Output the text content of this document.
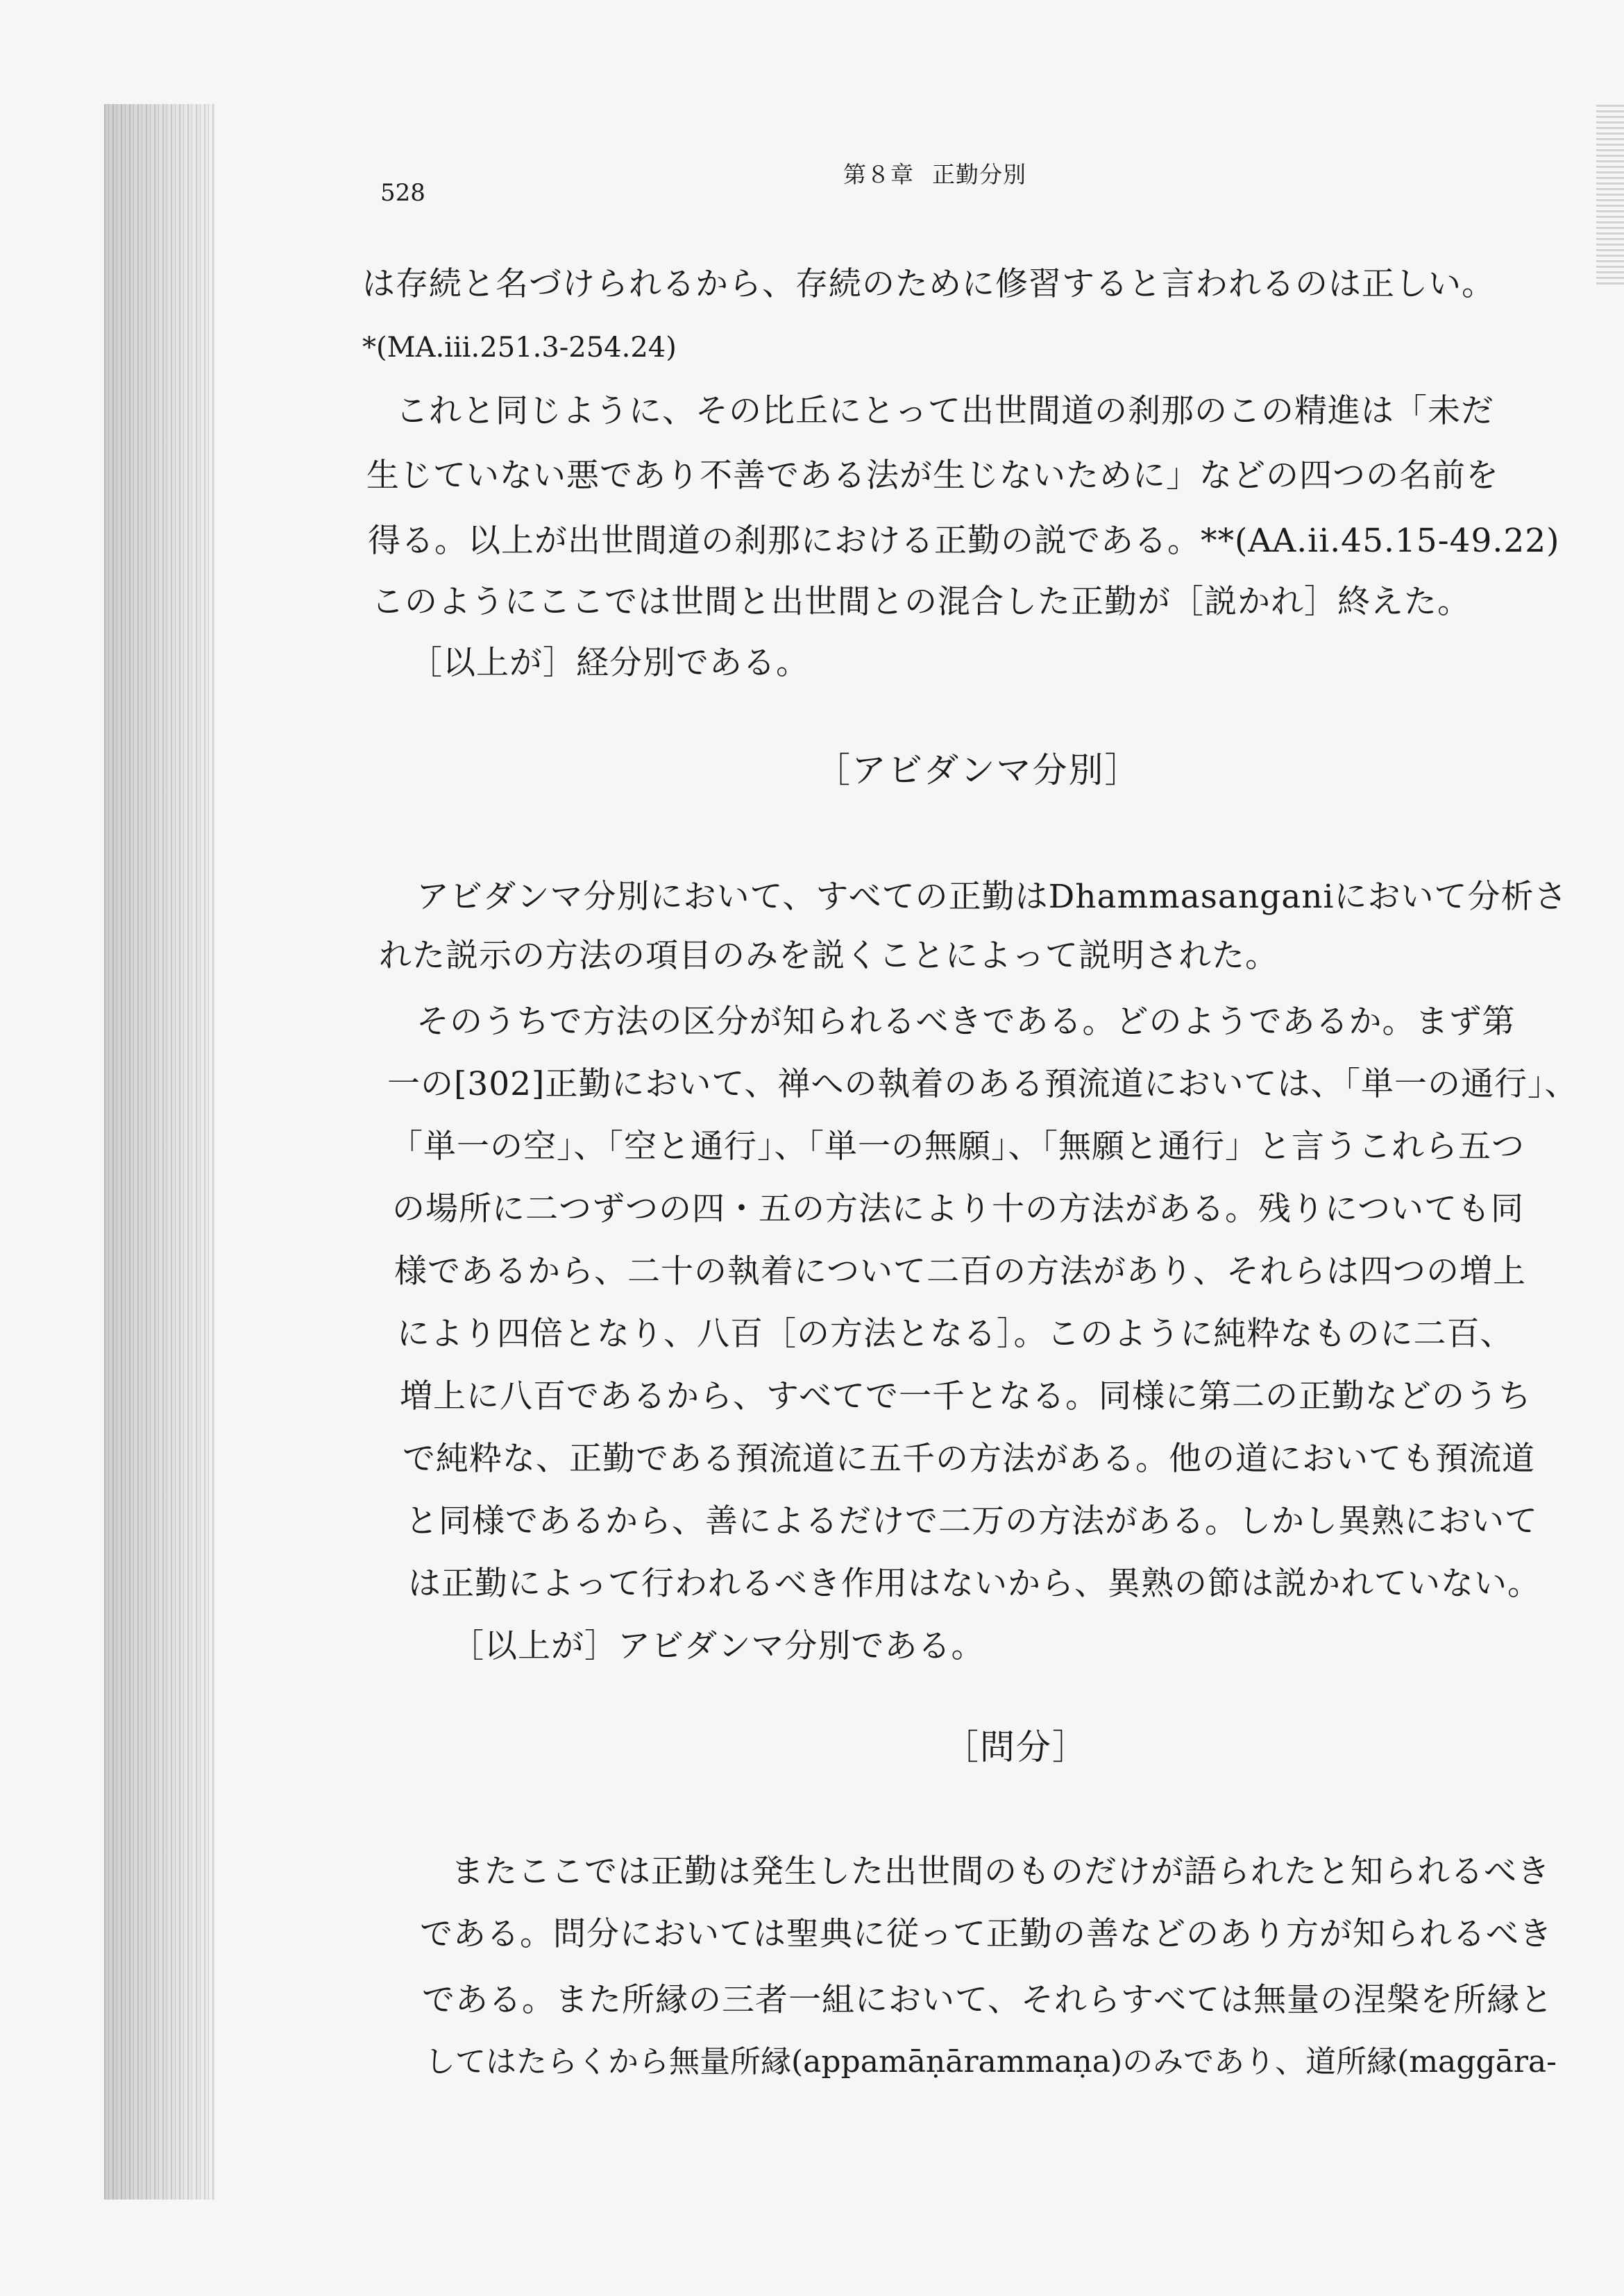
528
第８章 正勤分別
は存続と名づけられるから、存続のために修習すると言われるのは正しい。
*(MA.iii.251.3-254.24)
これと同じように、その比丘にとって出世間道の刹那のこの精進は「未だ
生じていない悪であり不善である法が生じないために」などの四つの名前を
得る。以上が出世間道の刹那における正勤の説である。**(AA.ii.45.15-49.22)
このようにここでは世間と出世間との混合した正勤が［説かれ］終えた。
［以上が］経分別である。
［アビダンマ分別］
アビダンマ分別において、すべての正勤はDhammasanganiにおいて分析さ
れた説示の方法の項目のみを説くことによって説明された。
そのうちで方法の区分が知られるべきである。どのようであるか。まず第
一の[302]正勤において、禅への執着のある預流道においては、「単一の通行」、
「単一の空」、「空と通行」、「単一の無願」、「無願と通行」と言うこれら五つ
の場所に二つずつの四・五の方法により十の方法がある。残りについても同
様であるから、二十の執着について二百の方法があり、それらは四つの増上
により四倍となり、八百［の方法となる］。このように純粋なものに二百、
増上に八百であるから、すべてで一千となる。同様に第二の正勤などのうち
で純粋な、正勤である預流道に五千の方法がある。他の道においても預流道
と同様であるから、善によるだけで二万の方法がある。しかし異熟において
は正勤によって行われるべき作用はないから、異熟の節は説かれていない。
［以上が］アビダンマ分別である。
［問分］
またここでは正勤は発生した出世間のものだけが語られたと知られるべき
である。問分においては聖典に従って正勤の善などのあり方が知られるべき
である。また所縁の三者一組において、それらすべては無量の涅槃を所縁と
してはたらくから無量所縁(appamāṇārammaṇa)のみであり、道所縁(maggāra-
